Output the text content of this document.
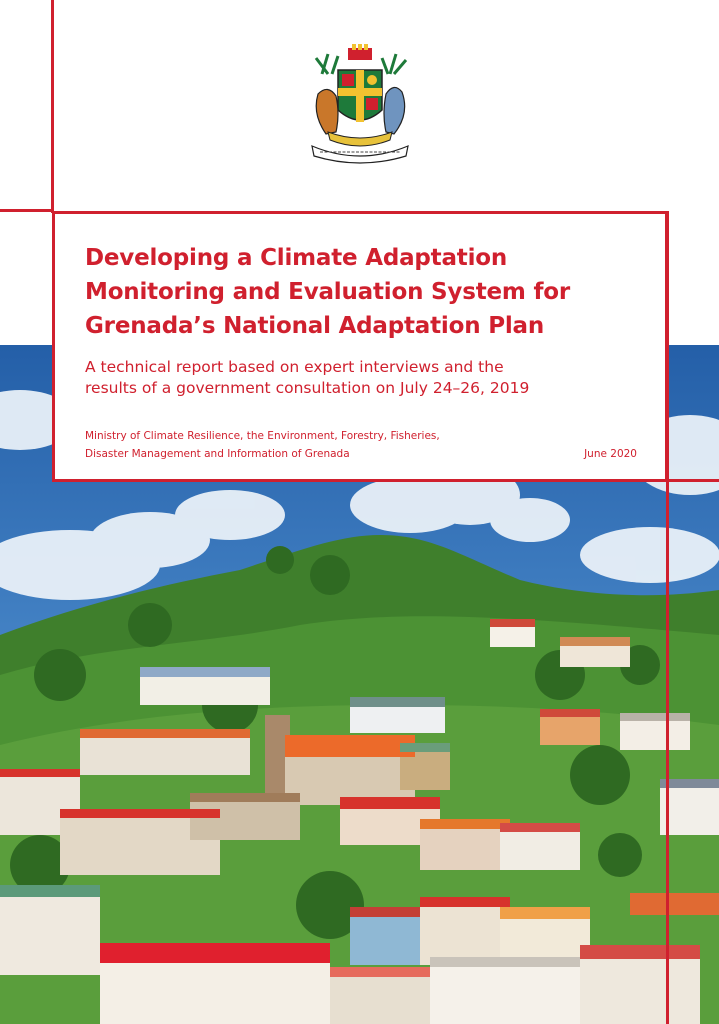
Developing a Climate Adaptation
Monitoring and Evaluation System for
Grenada’s National Adaptation Plan

A technical report based on expert interviews and the
results of a government consultation on July 24–26, 2019

Ministry of Climate Resilience, the Environment, Forestry, Fisheries,
Disaster Management and Information of Grenada	June 2020
